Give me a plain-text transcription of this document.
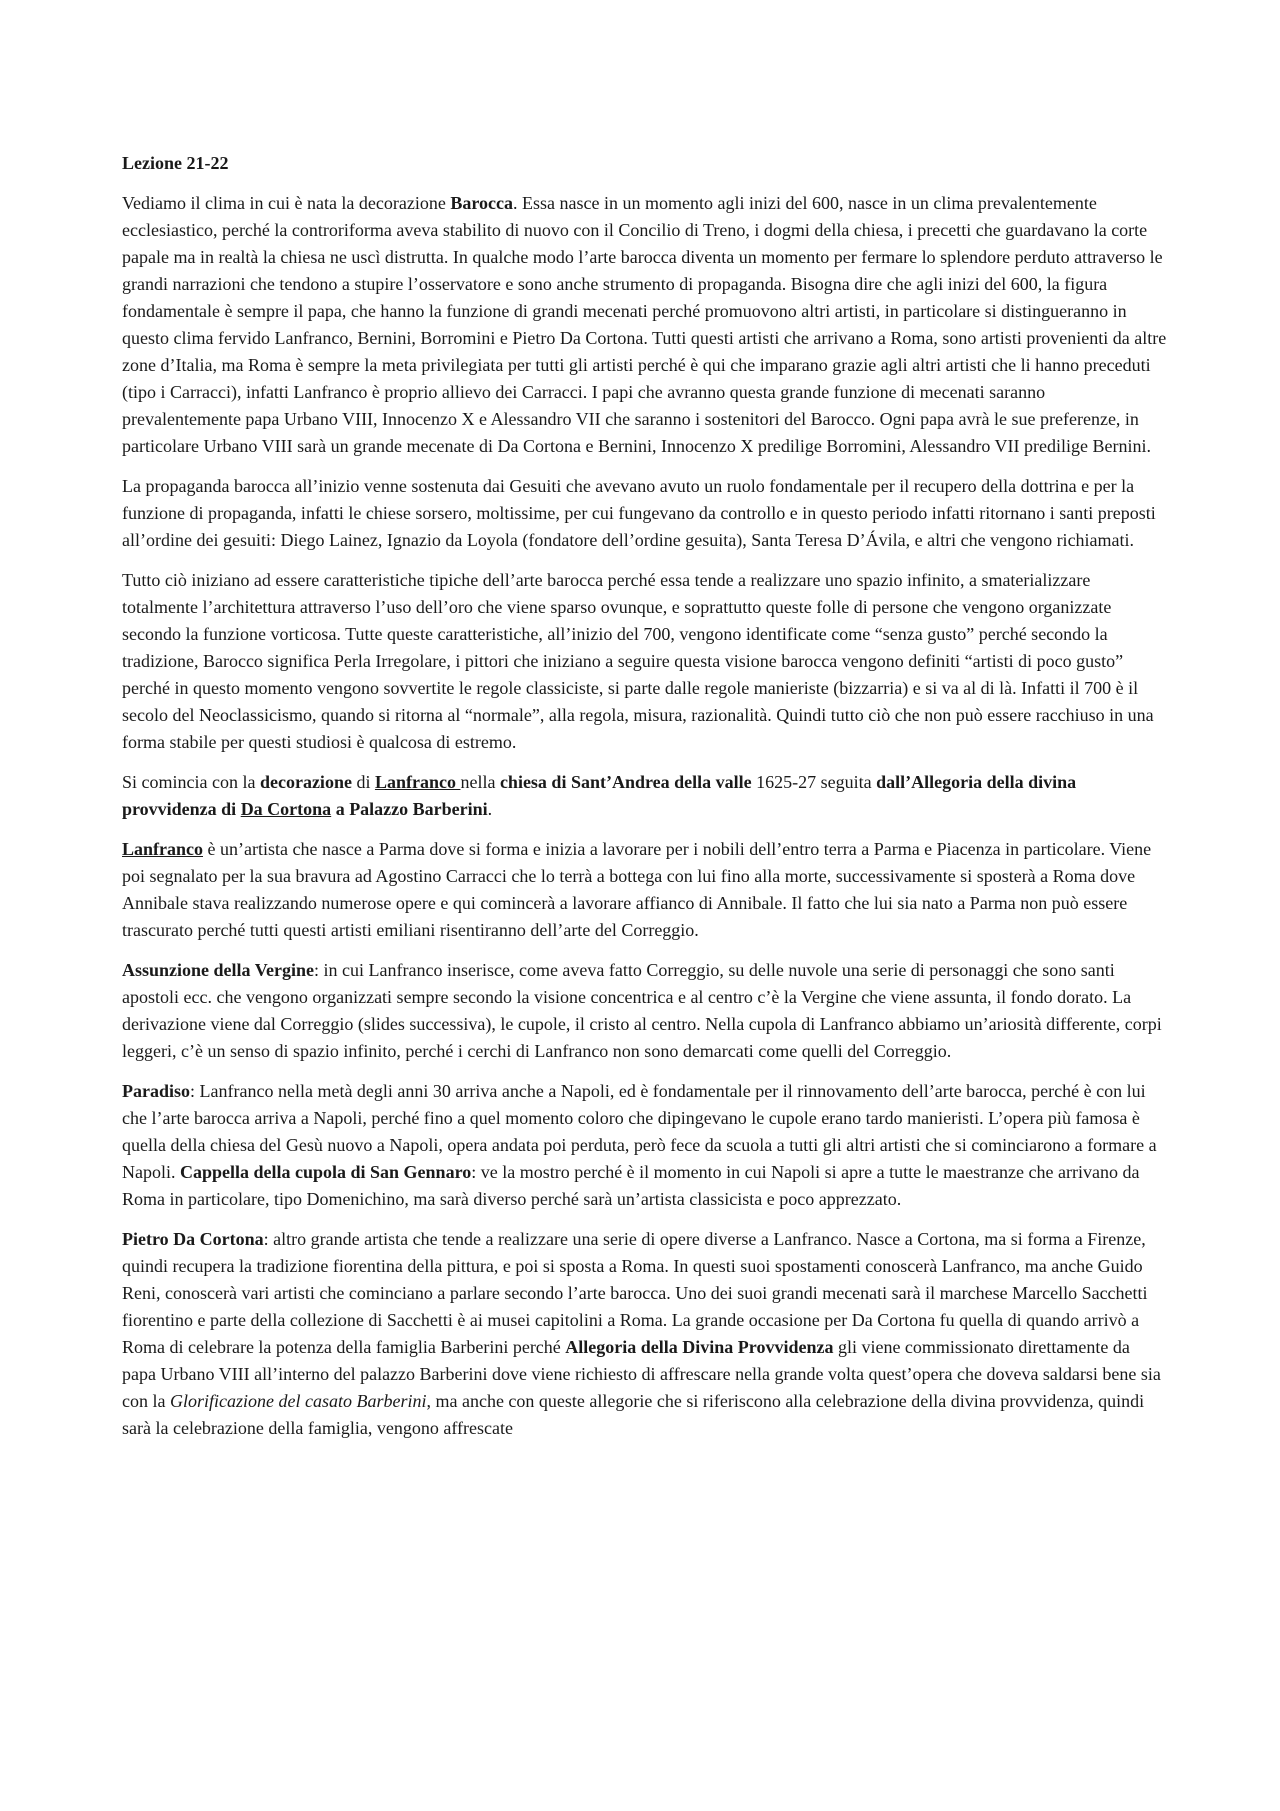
Lezione 21-22

Vediamo il clima in cui è nata la decorazione Barocca. Essa nasce in un momento agli inizi del 600, nasce in un clima prevalentemente ecclesiastico, perché la controriforma aveva stabilito di nuovo con il Concilio di Treno, i dogmi della chiesa, i precetti che guardavano la corte papale ma in realtà la chiesa ne uscì distrutta. In qualche modo l’arte barocca diventa un momento per fermare lo splendore perduto attraverso le grandi narrazioni che tendono a stupire l’osservatore e sono anche strumento di propaganda. Bisogna dire che agli inizi del 600, la figura fondamentale è sempre il papa, che hanno la funzione di grandi mecenati perché promuovono altri artisti, in particolare si distingueranno in questo clima fervido Lanfranco, Bernini, Borromini e Pietro Da Cortona. Tutti questi artisti che arrivano a Roma, sono artisti provenienti da altre zone d’Italia, ma Roma è sempre la meta privilegiata per tutti gli artisti perché è qui che imparano grazie agli altri artisti che li hanno preceduti (tipo i Carracci), infatti Lanfranco è proprio allievo dei Carracci. I papi che avranno questa grande funzione di mecenati saranno prevalentemente papa Urbano VIII, Innocenzo X e Alessandro VII che saranno i sostenitori del Barocco. Ogni papa avrà le sue preferenze, in particolare Urbano VIII sarà un grande mecenate di Da Cortona e Bernini, Innocenzo X predilige Borromini, Alessandro VII predilige Bernini.

La propaganda barocca all’inizio venne sostenuta dai Gesuiti che avevano avuto un ruolo fondamentale per il recupero della dottrina e per la funzione di propaganda, infatti le chiese sorsero, moltissime, per cui fungevano da controllo e in questo periodo infatti ritornano i santi preposti all’ordine dei gesuiti: Diego Lainez, Ignazio da Loyola (fondatore dell’ordine gesuita), Santa Teresa D’Ávila, e altri che vengono richiamati.

Tutto ciò iniziano ad essere caratteristiche tipiche dell’arte barocca perché essa tende a realizzare uno spazio infinito, a smaterializzare totalmente l’architettura attraverso l’uso dell’oro che viene sparso ovunque, e soprattutto queste folle di persone che vengono organizzate secondo la funzione vorticosa. Tutte queste caratteristiche, all’inizio del 700, vengono identificate come “senza gusto” perché secondo la tradizione, Barocco significa Perla Irregolare, i pittori che iniziano a seguire questa visione barocca vengono definiti “artisti di poco gusto” perché in questo momento vengono sovvertite le regole classiciste, si parte dalle regole manieriste (bizzarria) e si va al di là. Infatti il 700 è il secolo del Neoclassicismo, quando si ritorna al “normale”, alla regola, misura, razionalità. Quindi tutto ciò che non può essere racchiuso in una forma stabile per questi studiosi è qualcosa di estremo.

Si comincia con la decorazione di Lanfranco nella chiesa di Sant’Andrea della valle 1625-27 seguita dall’Allegoria della divina provvidenza di Da Cortona a Palazzo Barberini.

Lanfranco è un’artista che nasce a Parma dove si forma e inizia a lavorare per i nobili dell’entro terra a Parma e Piacenza in particolare. Viene poi segnalato per la sua bravura ad Agostino Carracci che lo terrà a bottega con lui fino alla morte, successivamente si sposterà a Roma dove Annibale stava realizzando numerose opere e qui comincerà a lavorare affianco di Annibale. Il fatto che lui sia nato a Parma non può essere trascurato perché tutti questi artisti emiliani risentiranno dell’arte del Correggio.

Assunzione della Vergine: in cui Lanfranco inserisce, come aveva fatto Correggio, su delle nuvole una serie di personaggi che sono santi apostoli ecc. che vengono organizzati sempre secondo la visione concentrica e al centro c’è la Vergine che viene assunta, il fondo dorato. La derivazione viene dal Correggio (slides successiva), le cupole, il cristo al centro. Nella cupola di Lanfranco abbiamo un’ariosità differente, corpi leggeri, c’è un senso di spazio infinito, perché i cerchi di Lanfranco non sono demarcati come quelli del Correggio.

Paradiso: Lanfranco nella metà degli anni 30 arriva anche a Napoli, ed è fondamentale per il rinnovamento dell’arte barocca, perché è con lui che l’arte barocca arriva a Napoli, perché fino a quel momento coloro che dipingevano le cupole erano tardo manieristi. L’opera più famosa è quella della chiesa del Gesù nuovo a Napoli, opera andata poi perduta, però fece da scuola a tutti gli altri artisti che si cominciarono a formare a Napoli. Cappella della cupola di San Gennaro: ve la mostro perché è il momento in cui Napoli si apre a tutte le maestranze che arrivano da Roma in particolare, tipo Domenichino, ma sarà diverso perché sarà un’artista classicista e poco apprezzato.

Pietro Da Cortona: altro grande artista che tende a realizzare una serie di opere diverse a Lanfranco. Nasce a Cortona, ma si forma a Firenze, quindi recupera la tradizione fiorentina della pittura, e poi si sposta a Roma. In questi suoi spostamenti conoscerà Lanfranco, ma anche Guido Reni, conoscerà vari artisti che cominciano a parlare secondo l’arte barocca. Uno dei suoi grandi mecenati sarà il marchese Marcello Sacchetti fiorentino e parte della collezione di Sacchetti è ai musei capitolini a Roma. La grande occasione per Da Cortona fu quella di quando arrivò a Roma di celebrare la potenza della famiglia Barberini perché Allegoria della Divina Provvidenza gli viene commissionato direttamente da papa Urbano VIII all’interno del palazzo Barberini dove viene richiesto di affrescare nella grande volta quest’opera che doveva saldarsi bene sia con la Glorificazione del casato Barberini, ma anche con queste allegorie che si riferiscono alla celebrazione della divina provvidenza, quindi sarà la celebrazione della famiglia, vengono affrescate
